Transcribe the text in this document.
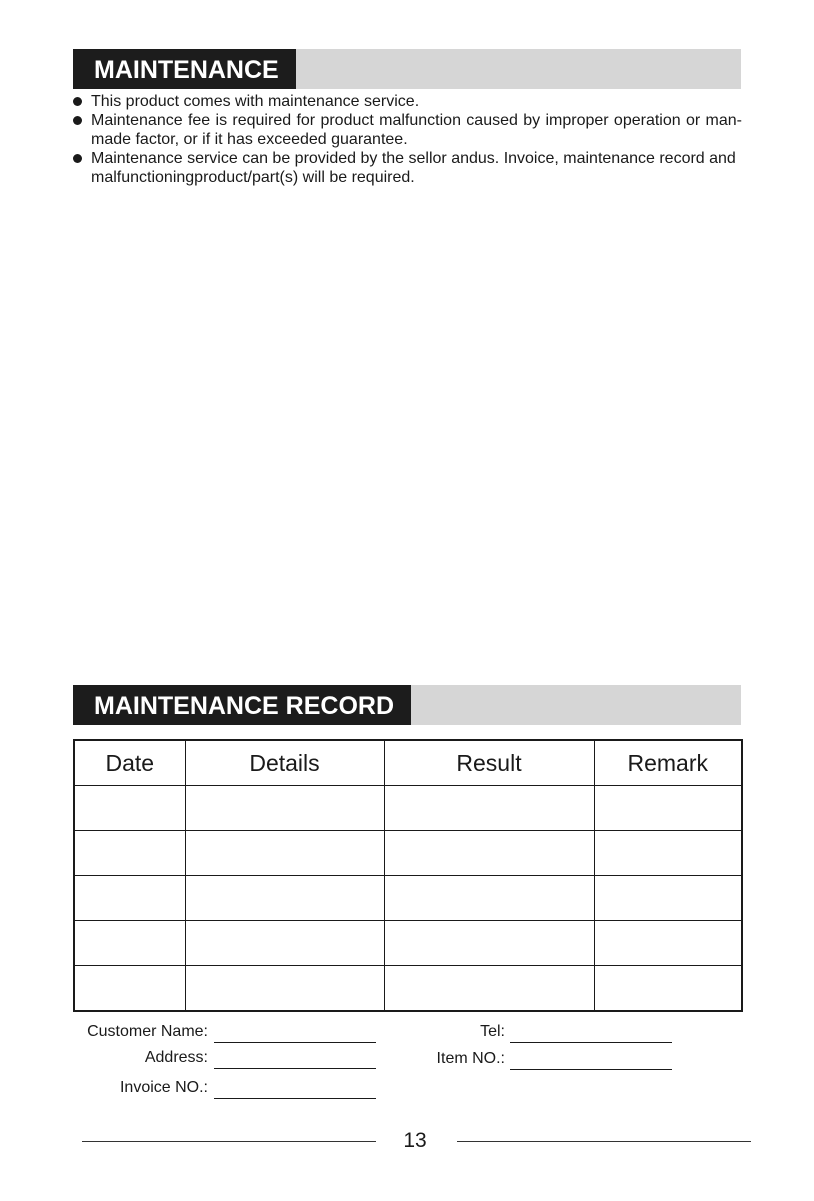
MAINTENANCE
This product comes with maintenance service.
Maintenance fee is required for product malfunction caused by improper operation or man-made factor, or if it has exceeded guarantee.
Maintenance service can be provided by the sellor andus. Invoice, maintenance record and malfunctioningproduct/part(s) will be required.
MAINTENANCE RECORD
Date	Details	Result	Remark

Customer Name:
Address:
Invoice NO.:
Tel:
Item NO.:
13
